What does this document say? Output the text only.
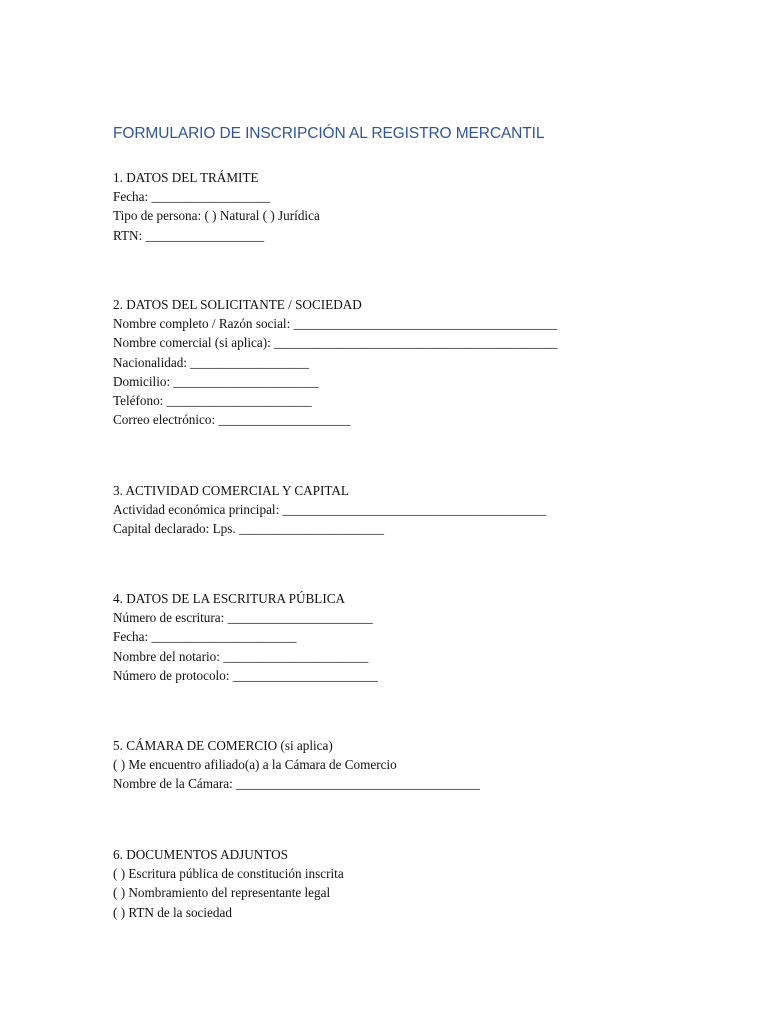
FORMULARIO DE INSCRIPCIÓN AL REGISTRO MERCANTIL
1. DATOS DEL TRÁMITE
Fecha: __________________
Tipo de persona: ( ) Natural ( ) Jurídica
RTN: __________________
2. DATOS DEL SOLICITANTE / SOCIEDAD
Nombre completo / Razón social: ________________________________________
Nombre comercial (si aplica): ___________________________________________
Nacionalidad: __________________
Domicilio: ______________________
Teléfono: ______________________
Correo electrónico: ____________________
3. ACTIVIDAD COMERCIAL Y CAPITAL
Actividad económica principal: ________________________________________
Capital declarado: Lps. ______________________
4. DATOS DE LA ESCRITURA PÚBLICA
Número de escritura: ______________________
Fecha: ______________________
Nombre del notario: ______________________
Número de protocolo: ______________________
5. CÁMARA DE COMERCIO (si aplica)
( ) Me encuentro afiliado(a) a la Cámara de Comercio
Nombre de la Cámara: _____________________________________
6. DOCUMENTOS ADJUNTOS
( ) Escritura pública de constitución inscrita
( ) Nombramiento del representante legal
( ) RTN de la sociedad
